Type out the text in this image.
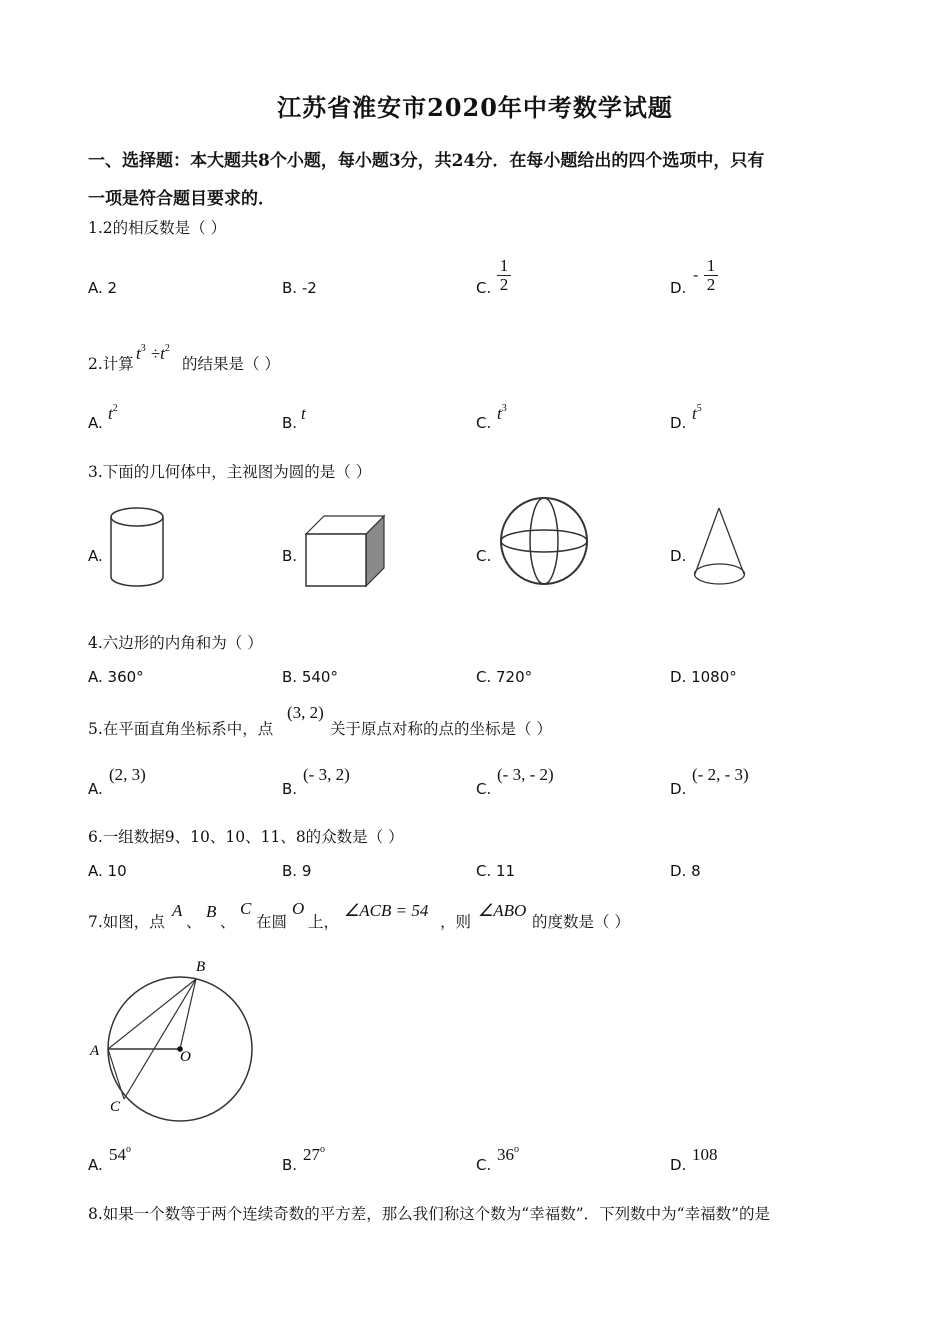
江苏省淮安市2020年中考数学试题
一、选择题：本大题共8个小题，每小题3分，共24分．在每小题给出的四个选项中，只有
一项是符合题目要求的．
1.2的相反数是（ ）
A. 2	B. -2	C. $\frac{1}{2}$	D.
- $\frac{1}{2}$
2.计算
$t^3 \div t^2$
的结果是（ ）
A. $t^2$
B. t	C. $t^3$
D. $t^5$
3.下面的几何体中，主视图为圆的是（ ）
A.	B.	C.	D.
4.六边形的内角和为（ ）
A. 360°	B. 540°	C. 720°	D. 1080°
5.在平面直角坐标系中，点
(3, 2)
关于原点对称的点的坐标是（ ）
A.
(2, 3)
B.
(- 3, 2)
C.
(- 3, - 2)
D.
(- 2, - 3)
6.一组数据9、10、10、11、8的众数是（ ）
A. 10	B. 9	C. 11	D. 8
7.如图，点
A
、
B
、
C
在圆
O
上，
∠ACB = 54
，则
∠ABO
的度数是（ ）
B
A	O
C
A.
54$^o$
B.
27$^o$
C.
36$^o$
D.
108
8.如果一个数等于两个连续奇数的平方差，那么我们称这个数为“幸福数”．下列数中为“幸福数”的是
